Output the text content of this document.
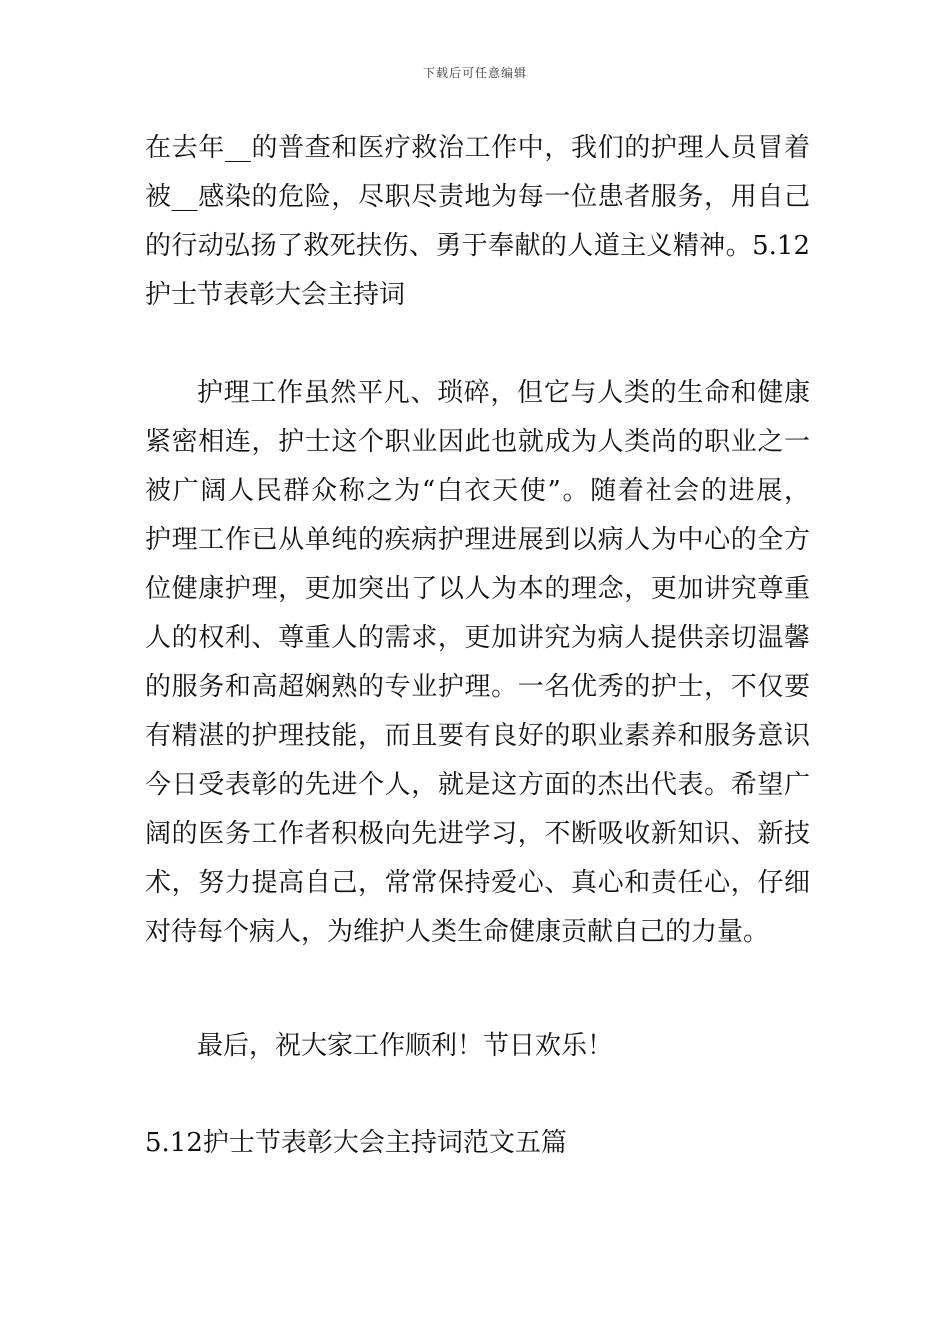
下载后可任意编辑
在去年__的普查和医疗救治工作中，我们的护理人员冒着
被__感染的危险，尽职尽责地为每一位患者服务，用自己
的行动弘扬了救死扶伤、勇于奉献的人道主义精神。5.12
护士节表彰大会主持词
护理工作虽然平凡、琐碎，但它与人类的生命和健康
紧密相连，护士这个职业因此也就成为人类尚的职业之一
被广阔人民群众称之为“白衣天使”。随着社会的进展，
护理工作已从单纯的疾病护理进展到以病人为中心的全方
位健康护理，更加突出了以人为本的理念，更加讲究尊重
人的权利、尊重人的需求，更加讲究为病人提供亲切温馨
的服务和高超娴熟的专业护理。一名优秀的护士，不仅要
有精湛的护理技能，而且要有良好的职业素养和服务意识
今日受表彰的先进个人，就是这方面的杰出代表。希望广
阔的医务工作者积极向先进学习，不断吸收新知识、新技
术，努力提高自己，常常保持爱心、真心和责任心，仔细
对待每个病人，为维护人类生命健康贡献自己的力量。
最后，祝大家工作顺利！节日欢乐！
5.12护士节表彰大会主持词范文五篇
